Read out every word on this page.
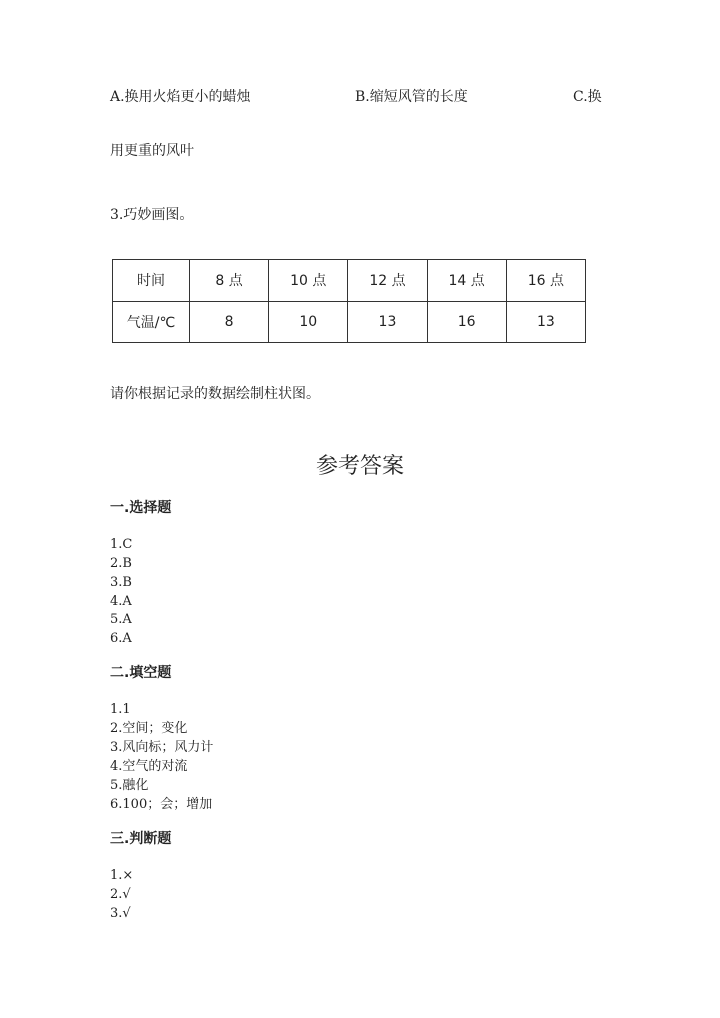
A.换用火焰更小的蜡烛	B.缩短风管的长度	C.换
用更重的风叶
3.巧妙画图。
时间	8 点	10 点	12 点	14 点	16 点
气温/℃	8	10	13	16	13
请你根据记录的数据绘制柱状图。
参考答案
一.选择题
1.C
2.B
3.B
4.A
5.A
6.A
二.填空题
1.1
2.空间；变化
3.风向标；风力计
4.空气的对流
5.融化
6.100；会；增加
三.判断题
1.×
2.√
3.√
